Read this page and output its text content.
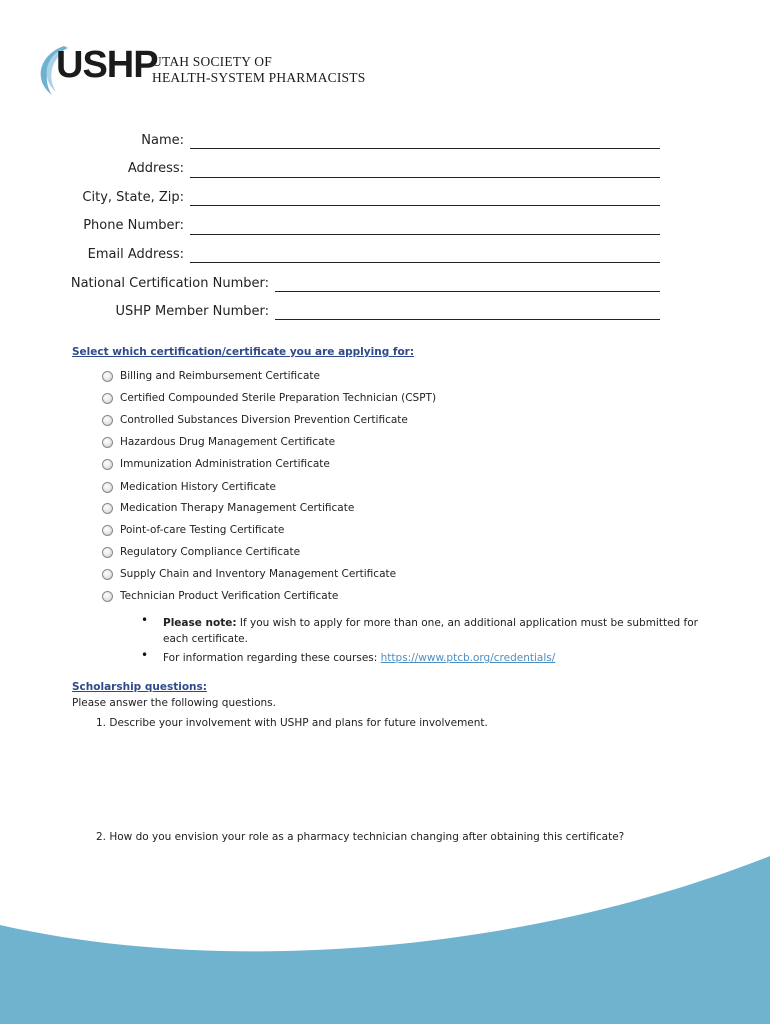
USHP
UTAH SOCIETY OF
HEALTH-SYSTEM PHARMACISTS
Name:
Address:
City, State, Zip:
Phone Number:
Email Address:
National Certification Number:
USHP Member Number:
Select which certification/certificate you are applying for:
Billing and Reimbursement Certificate
Certified Compounded Sterile Preparation Technician (CSPT)
Controlled Substances Diversion Prevention Certificate
Hazardous Drug Management Certificate
Immunization Administration Certificate
Medication History Certificate
Medication Therapy Management Certificate
Point-of-care Testing Certificate
Regulatory Compliance Certificate
Supply Chain and Inventory Management Certificate
Technician Product Verification Certificate
• Please note: If you wish to apply for more than one, an additional application must be submitted for each certificate.
• For information regarding these courses: https://www.ptcb.org/credentials/
Scholarship questions:
Please answer the following questions.
1. Describe your involvement with USHP and plans for future involvement.
2. How do you envision your role as a pharmacy technician changing after obtaining this certificate?
